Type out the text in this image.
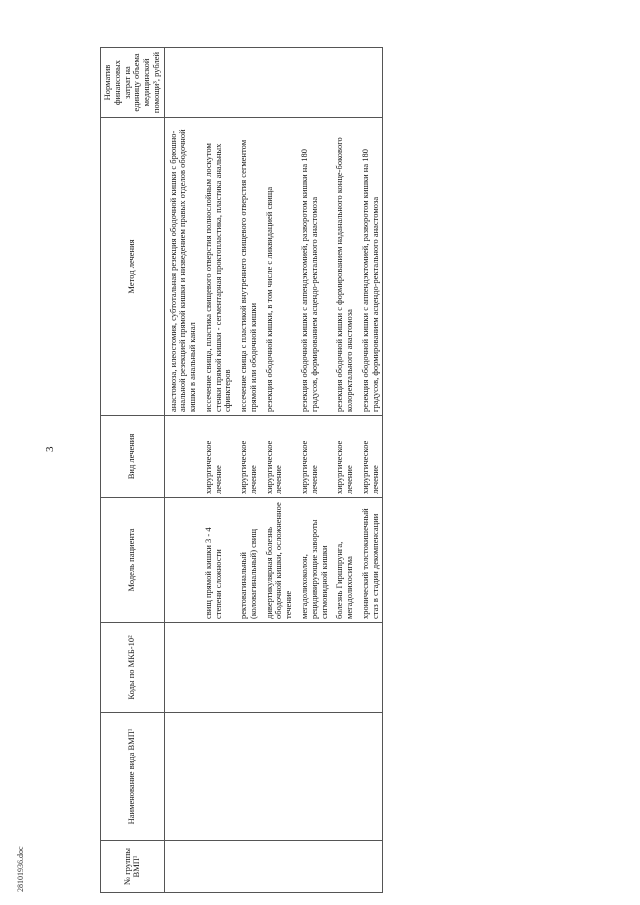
3
28101936.doc	№ группы ВМП¹	Наименование вида ВМП¹	Коды по МКБ-10²	Модель пациента	Вид лечения	Метод лечения	Норматив финансовых затрат на единицу объема медицинской помощи³, рублей
					анастомоза, илеостомия, субтотальная резекция ободочной кишки с брюшно-анальной резекцией прямой кишки и низведением правых отделов ободочной кишки в анальный канал	
			свищ прямой кишки 3 - 4 степени сложности	хирургическое лечение	иссечение свища, пластика свищевого отверстия полнослойным лоскутом стенки прямой кишки - сегментарная проктопластика, пластика анальных сфинктеров	
			ректовагинальный (коловагинальный) свищ	хирургическое лечение	иссечение свища с пластикой внутреннего свищевого отверстия сегментом прямой или ободочной кишки	
			дивертикулярная болезнь ободочной кишки, осложненное течение	хирургическое лечение	резекция ободочной кишки, в том числе с ликвидацией свища	
			мегадолихоколон, рецидивирующие завороты сигмовидной кишки	хирургическое лечение	резекция ободочной кишки с аппендэктомией, разворотом кишки на 180 градусов, формированием асцендо-ректального анастомоза	
			болезнь Гиршпрунга, мегадолихосигма	хирургическое лечение	резекция ободочной кишки с формированием наданального конце-бокового колоректального анастомоза	
			хронический толстокишечный стаз в стадии декомпенсации	хирургическое лечение	резекция ободочной кишки с аппендэктомией, разворотом кишки на 180 градусов, формированием асцендо-ректального анастомоза	
